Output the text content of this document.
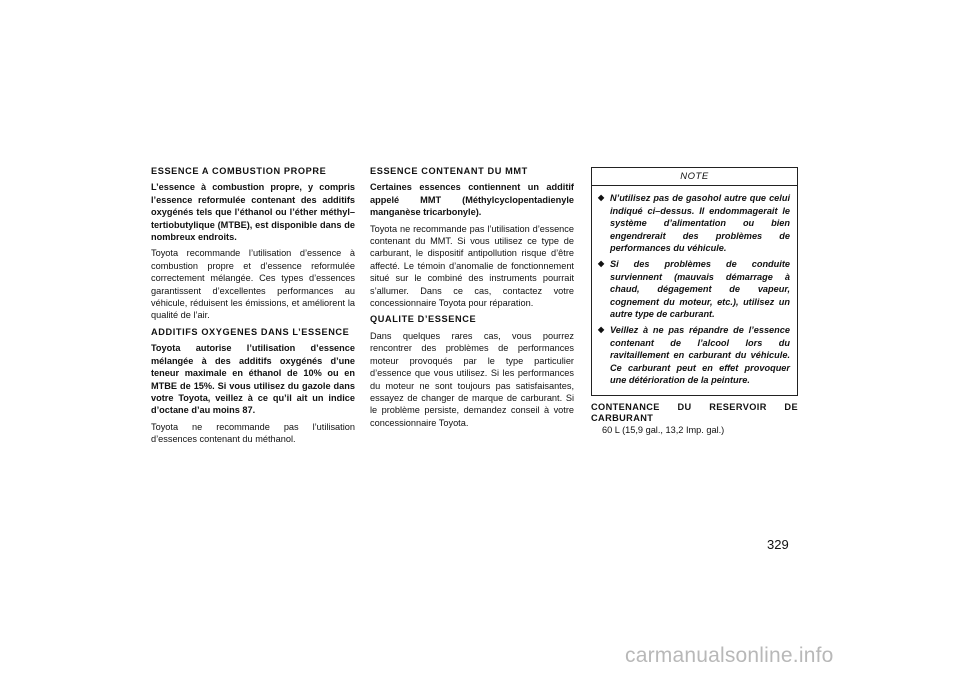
ESSENCE A COMBUSTION PROPRE

L’essence à combustion propre, y compris l’essence reformulée contenant des additifs oxygénés tels que l’éthanol ou l’éther méthyl–tertiobutylique (MTBE), est disponible dans de nombreux endroits.

Toyota recommande l’utilisation d’essence à combustion propre et d’essence reformulée correctement mélangée. Ces types d’essences garantissent d’excellentes performances au véhicule, réduisent les émissions, et améliorent la qualité de l’air.

ADDITIFS OXYGENES DANS L’ESSENCE

Toyota autorise l’utilisation d’essence mélangée à des additifs oxygénés d’une teneur maximale en éthanol de 10% ou en MTBE de 15%. Si vous utilisez du gazole dans votre Toyota, veillez à ce qu’il ait un indice d’octane d’au moins 87.

Toyota ne recommande pas l’utilisation d’essences contenant du méthanol.

ESSENCE CONTENANT DU MMT

Certaines essences contiennent un additif appelé MMT (Méthylcyclopentadienyle manganèse tricarbonyle).

Toyota ne recommande pas l’utilisation d’essence contenant du MMT. Si vous utilisez ce type de carburant, le dispositif antipollution risque d’être affecté. Le témoin d’anomalie de fonctionnement situé sur le combiné des instruments pourrait s’allumer. Dans ce cas, contactez votre concessionnaire Toyota pour réparation.

QUALITE D’ESSENCE

Dans quelques rares cas, vous pourrez rencontrer des problèmes de performances moteur provoqués par le type particulier d’essence que vous utilisez. Si les performances du moteur ne sont toujours pas satisfaisantes, essayez de changer de marque de carburant. Si le problème persiste, demandez conseil à votre concessionnaire Toyota.

NOTE
◆ N’utilisez pas de gasohol autre que celui indiqué ci–dessus. Il endommagerait le système d’alimentation ou bien engendrerait des problèmes de performances du véhicule.
◆ Si des problèmes de conduite surviennent (mauvais démarrage à chaud, dégagement de vapeur, cognement du moteur, etc.), utilisez un autre type de carburant.
◆ Veillez à ne pas répandre de l’essence contenant de l’alcool lors du ravitaillement en carburant du véhicule. Ce carburant peut en effet provoquer une détérioration de la peinture.
CONTENANCE DU RESERVOIR DE CARBURANT
60 L (15,9 gal., 13,2 Imp. gal.)
329
carmanualsonline.info
